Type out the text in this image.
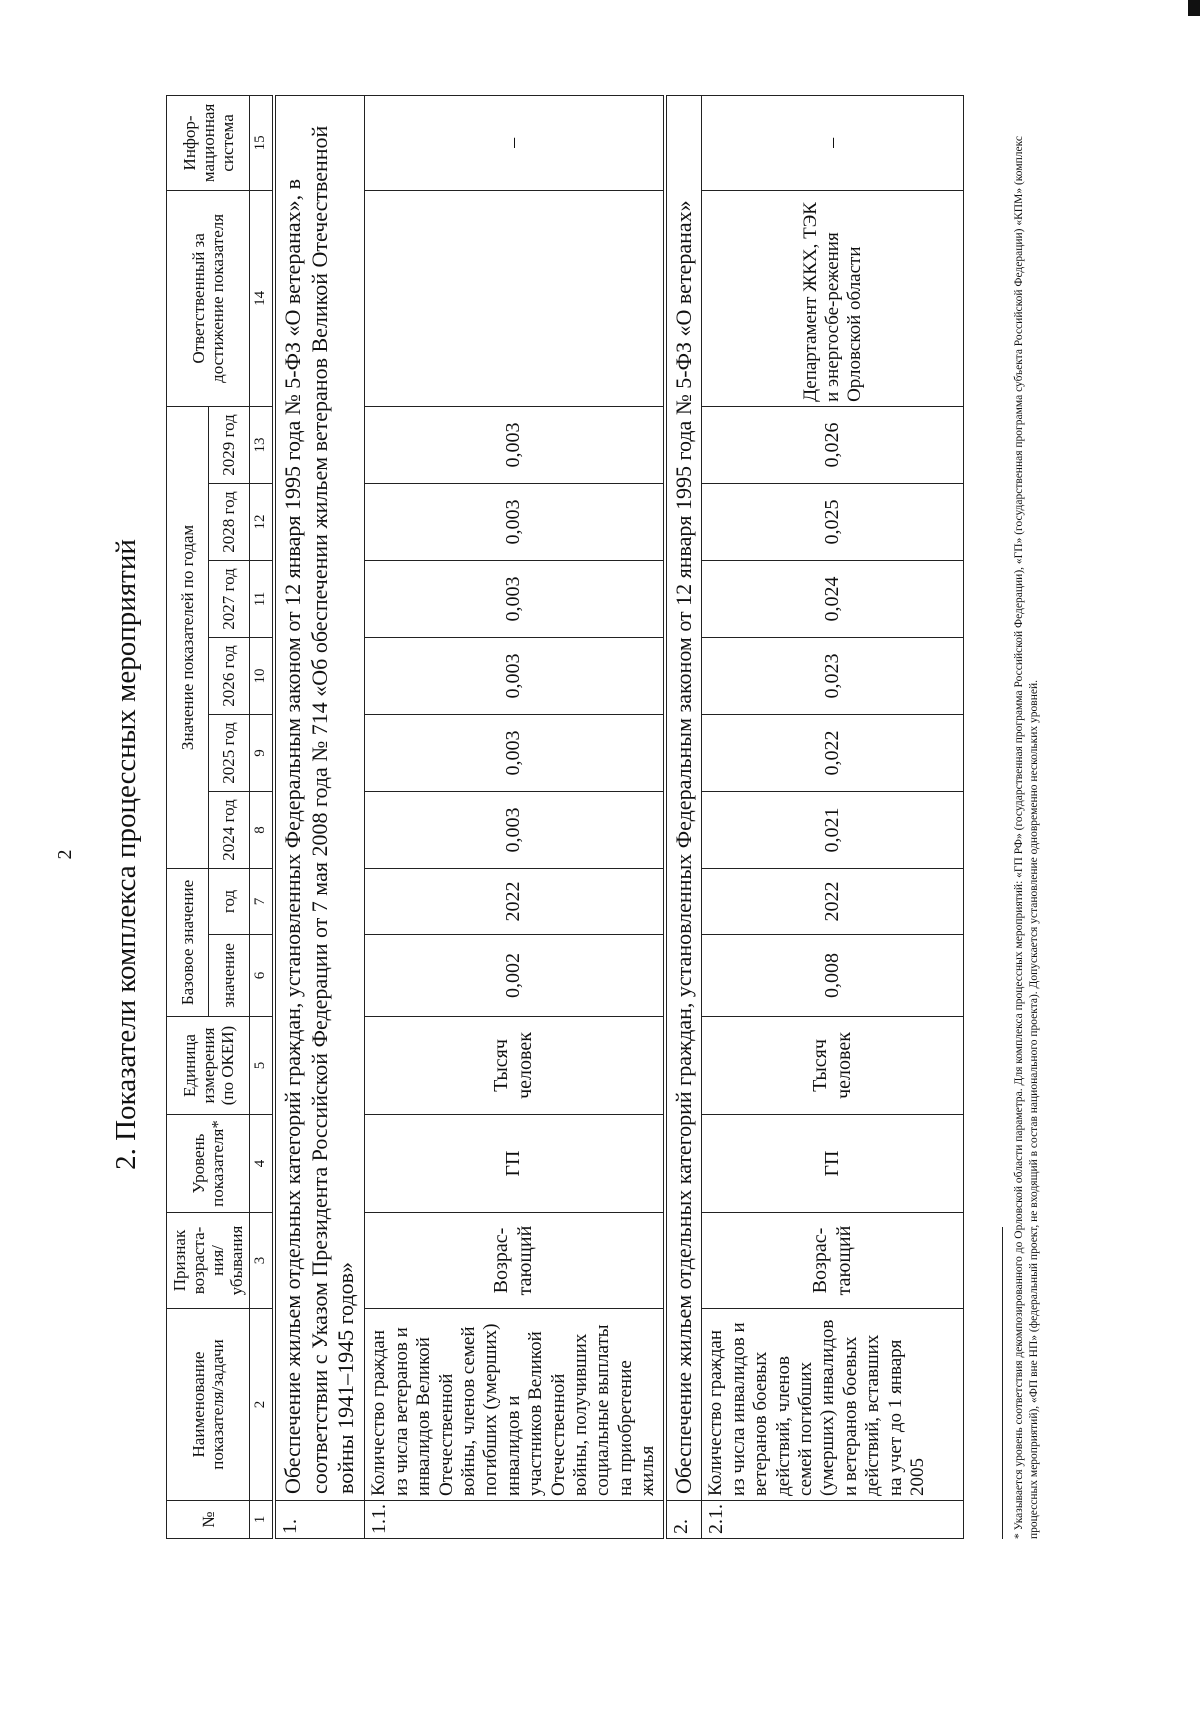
2 2. Показатели комплекса процессных мероприятий
№	Наименование показателя/задачи	Признак возраста-ния/ убывания	Уровень показателя*	Единица измерения (по ОКЕИ)	Базовое значение		Значение показателей по годам						Ответственный за достижение показателя	Инфор-мационная система
					значение	год	2024 год	2025 год	2026 год	2027 год	2028 год	2029 год		
1	2	3	4	5	6	7	8	9	10	11	12	13	14	15
1.	Обеспечение жильем отдельных категорий граждан, установленных Федеральным законом от 12 января 1995 года № 5-ФЗ «О ветеранах», в соответствии с Указом Президента Российской Федерации от 7 мая 2008 года № 714 «Об обеспечении жильем ветеранов Великой Отечественной войны 1941–1945 годов»													
1.1.	Количество граждан из числа ветеранов и инвалидов Великой Отечественной войны, членов семей погибших (умерших) инвалидов и участников Великой Отечественной войны, получивших социальные выплаты на приобретение жилья	Возрас-тающий	ГП	Тысяч человек	0,002	2022	0,003	0,003	0,003	0,003	0,003	0,003		–
2.	Обеспечение жильем отдельных категорий граждан, установленных Федеральным законом от 12 января 1995 года № 5-ФЗ «О ветеранах»													
2.1.	Количество граждан из числа инвалидов и ветеранов боевых действий, членов семей погибших (умерших) инвалидов и ветеранов боевых действий, вставших на учет до 1 января 2005	Возрас-тающий	ГП	Тысяч человек	0,008	2022	0,021	0,022	0,023	0,024	0,025	0,026	Департамент ЖКХ, ТЭК и энергосбе-режения Орловской области	–	* Указывается уровень соответствия декомпозированного до Орловской области параметра. Для комплекса процессных мероприятий: «ГП РФ» (государственная программа Российской Федерации), «ГП» (государственная программа субъекта Российской Федерации) «КПМ» (комплекс процессных мероприятий), «ФП вне НП» (федеральный проект, не входящий в состав национального проекта). Допускается установление одновременно нескольких уровней.
